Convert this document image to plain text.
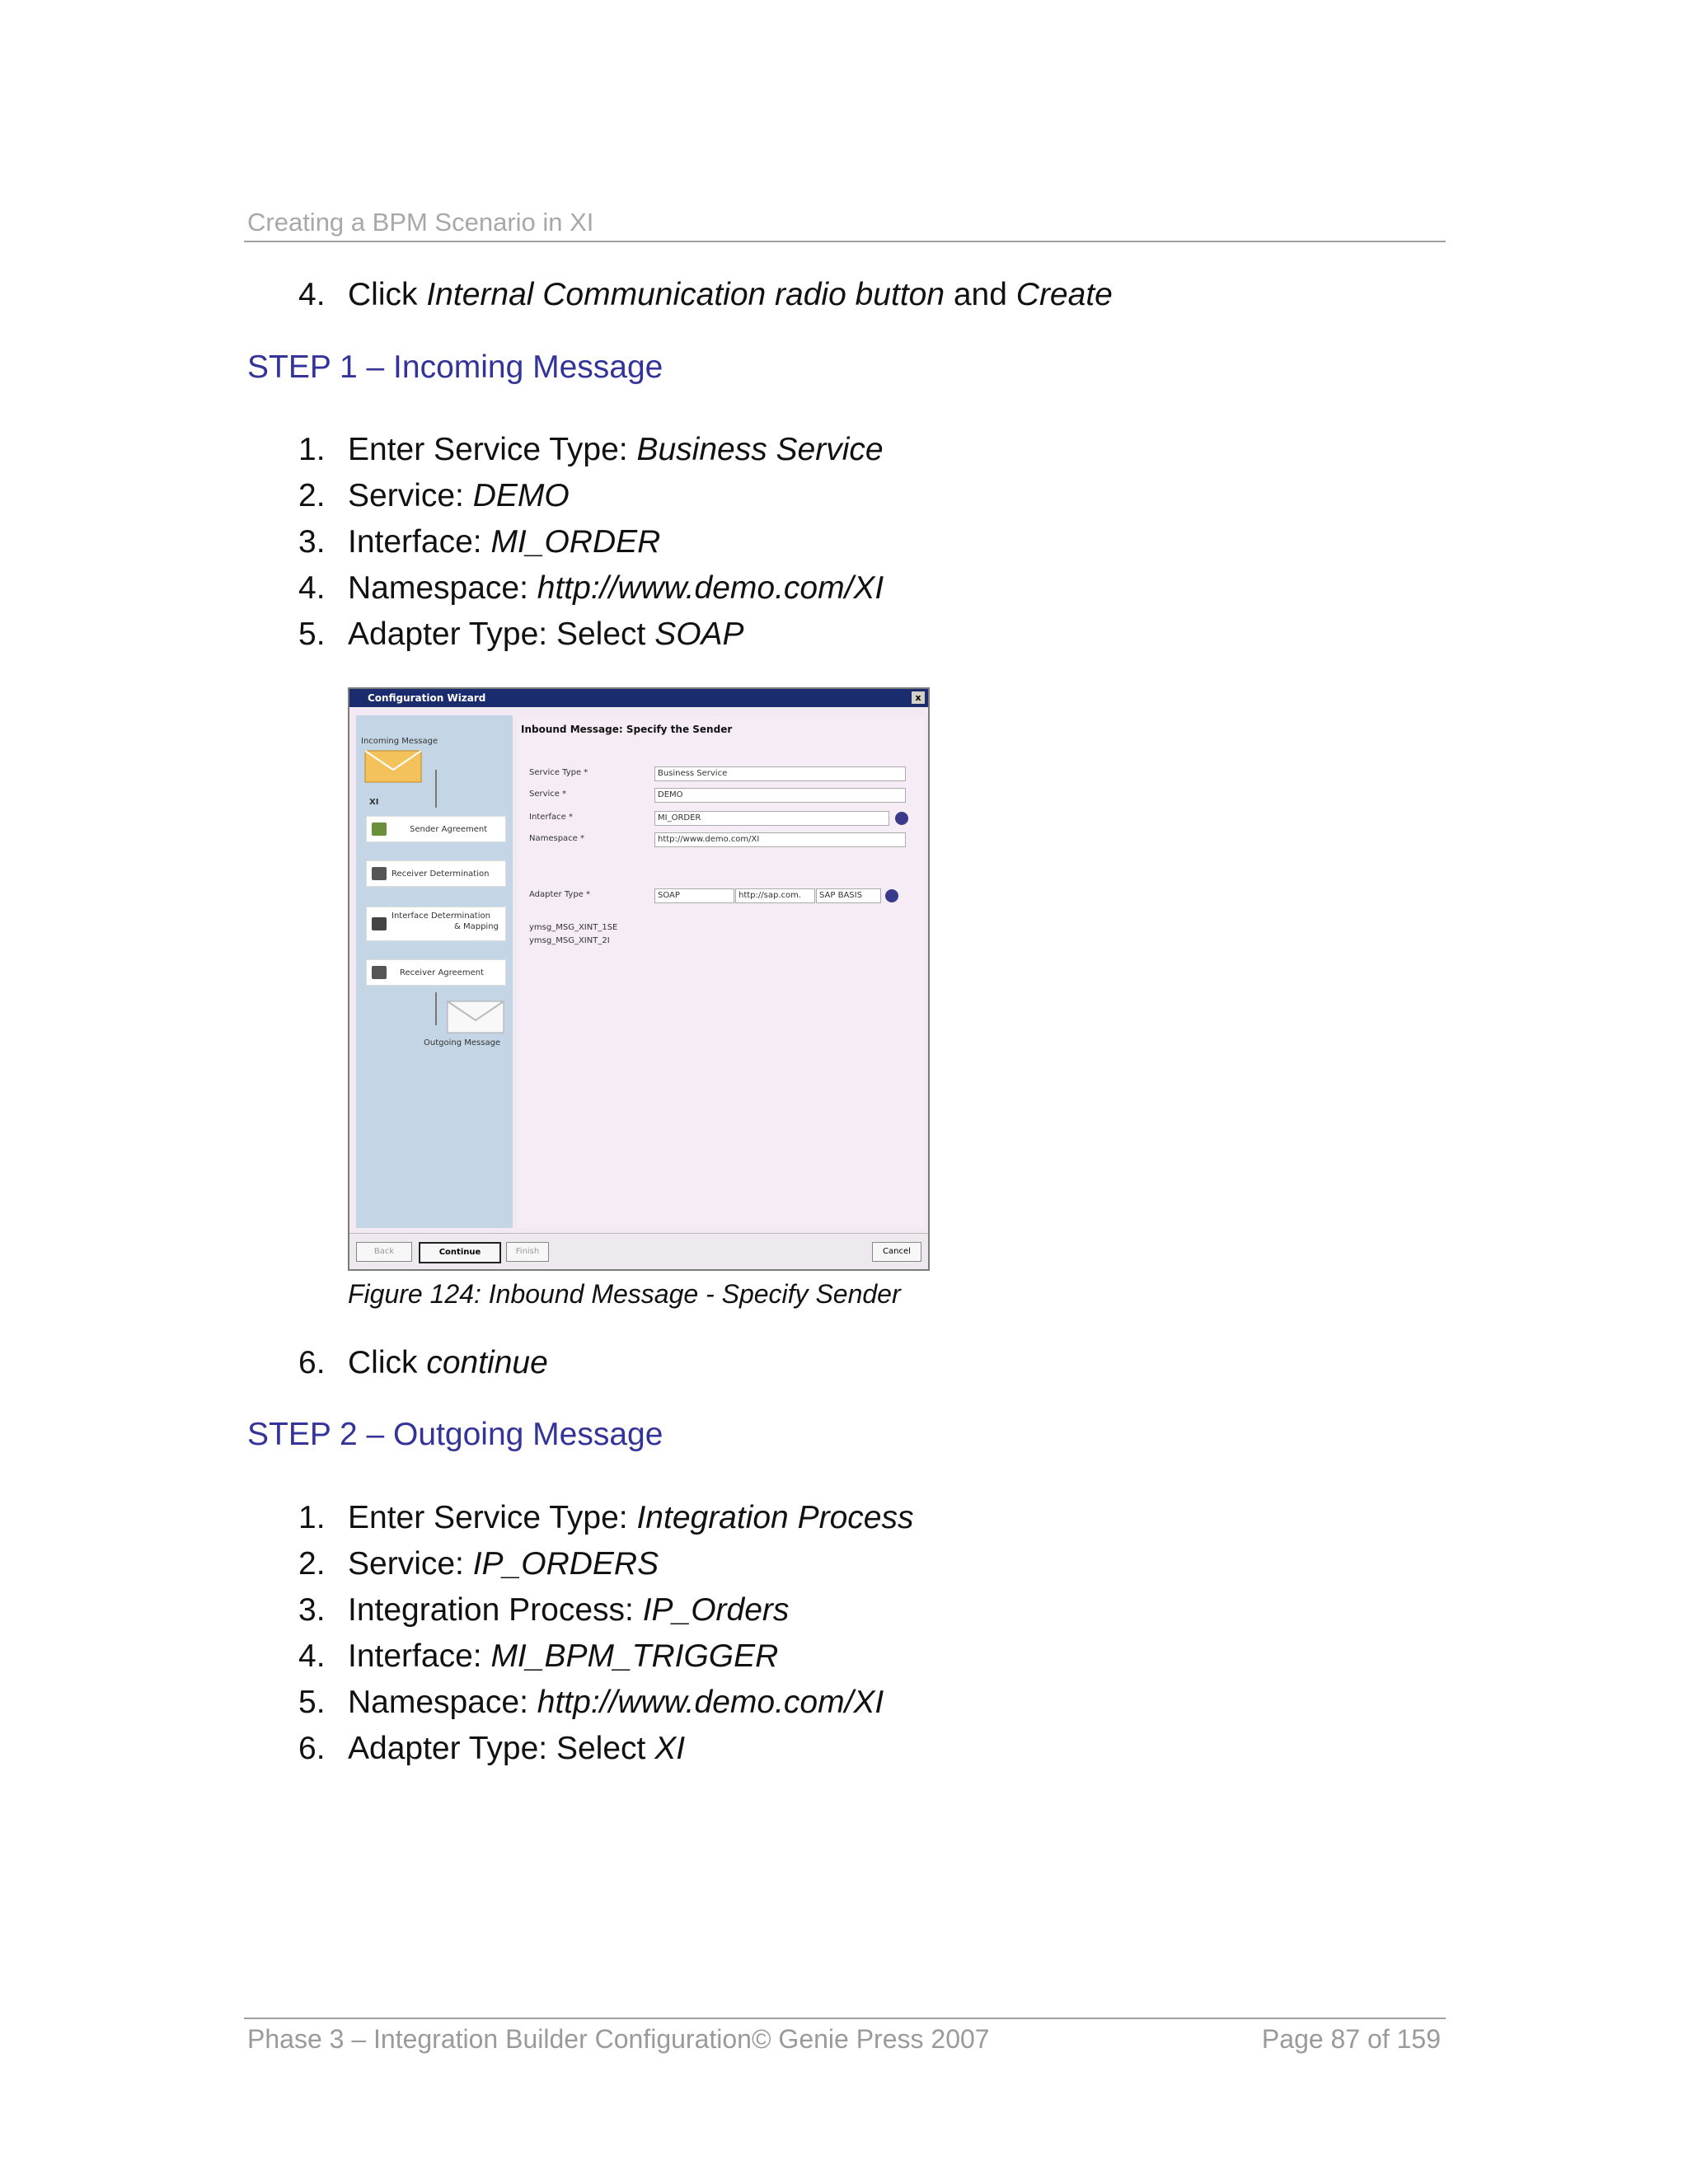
Creating a BPM Scenario in XI
4. Click Internal Communication radio button and Create
STEP 1 – Incoming Message
1. Enter Service Type: Business Service
2. Service: DEMO
3. Interface: MI_ORDER
4. Namespace: http://www.demo.com/XI
5. Adapter Type: Select SOAP
Configuration Wizard	x
Incoming Message
XI
Sender Agreement
Receiver Determination
Interface Determination
& Mapping
Receiver Agreement
Outgoing Message
Inbound Message: Specify the Sender
Service Type *	Business Service
Service *	DEMO
Interface *	MI_ORDER
Namespace *	http://www.demo.com/XI
Adapter Type *	SOAP	http://sap.com.	SAP BASIS
ymsg_MSG_XINT_1SE
ymsg_MSG_XINT_2I
Back	Continue	Finish	Cancel
Figure 124: Inbound Message - Specify Sender
6. Click continue
STEP 2 – Outgoing Message
1. Enter Service Type: Integration Process
2. Service: IP_ORDERS
3. Integration Process: IP_Orders
4. Interface: MI_BPM_TRIGGER
5. Namespace: http://www.demo.com/XI
6. Adapter Type: Select XI
Phase 3 – Integration Builder Configuration© Genie Press 2007	Page 87 of 159
